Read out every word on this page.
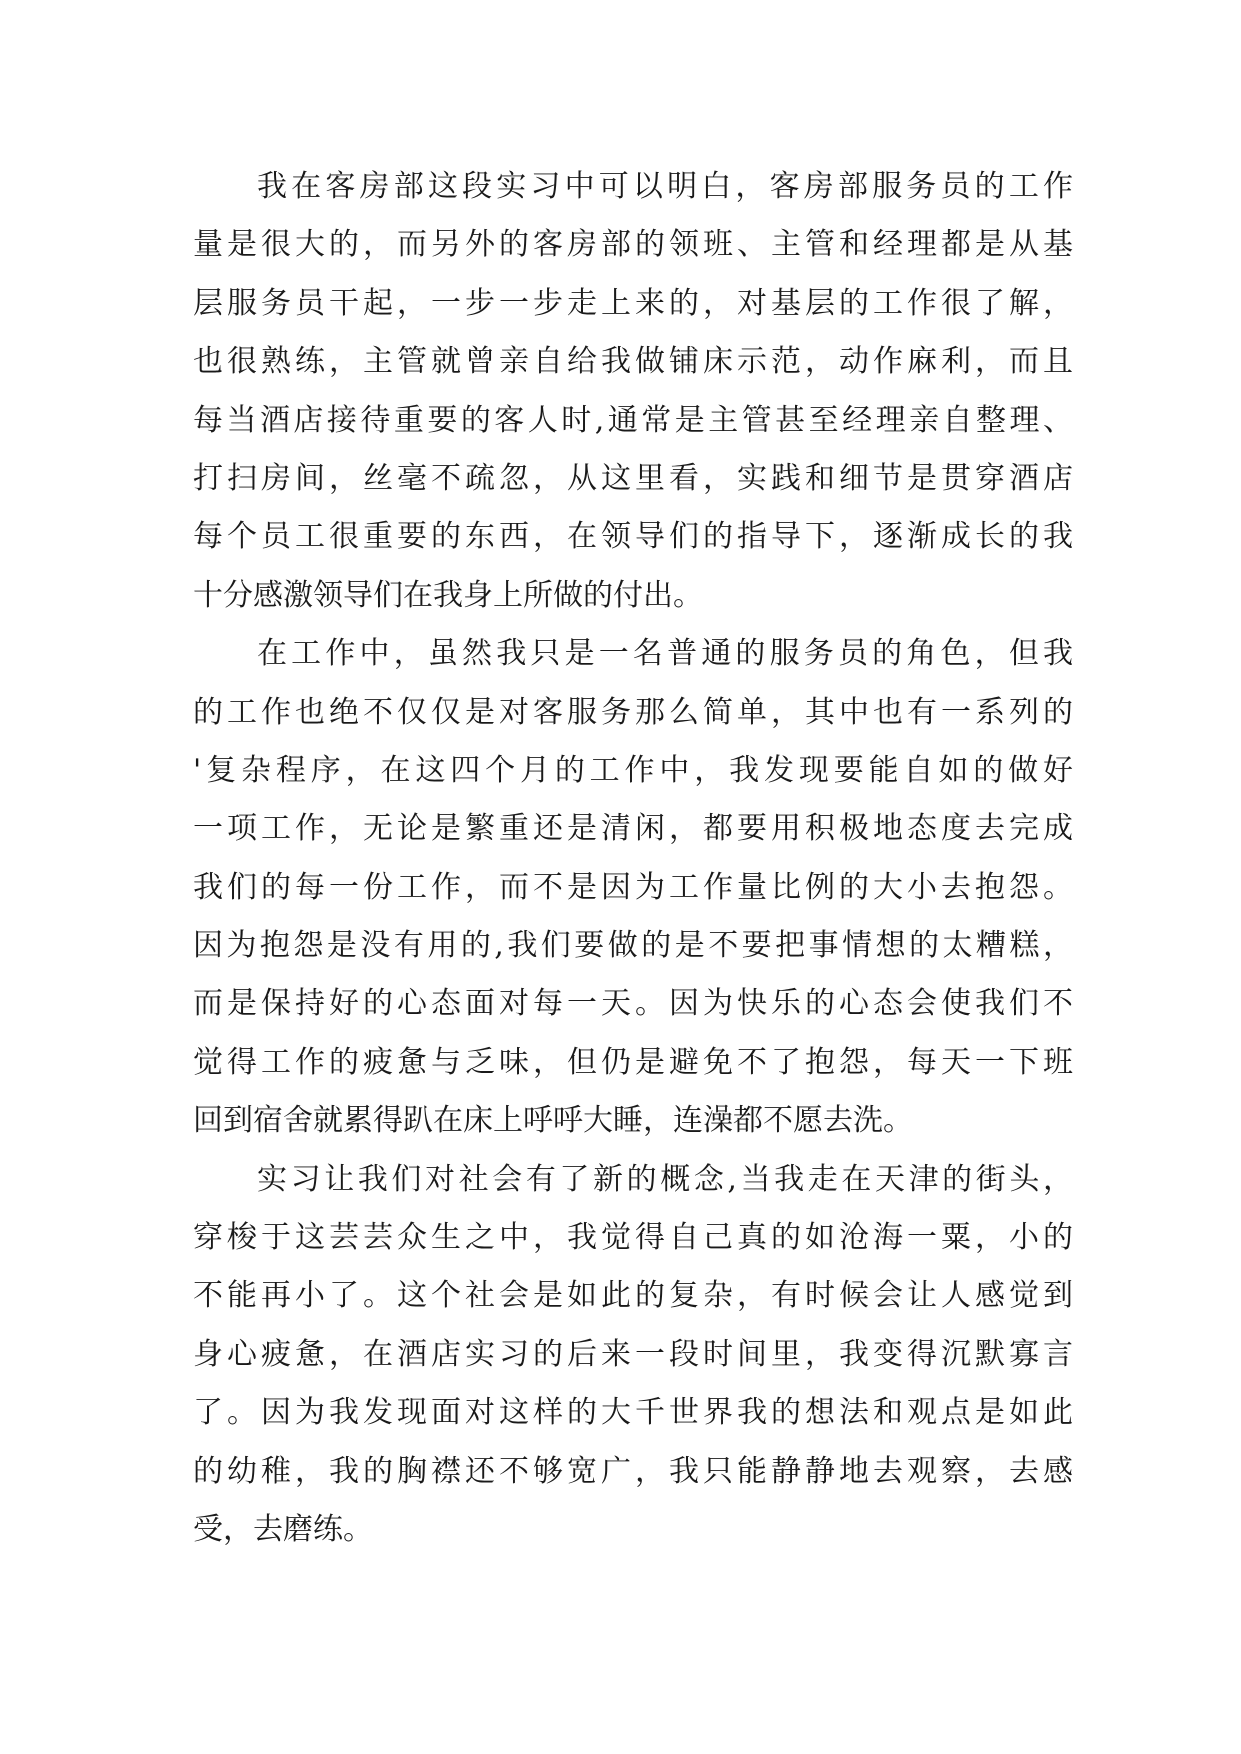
我在客房部这段实习中可以明白，客房部服务员的工作
量是很大的，而另外的客房部的领班、主管和经理都是从基
层服务员干起，一步一步走上来的，对基层的工作很了解，
也很熟练，主管就曾亲自给我做铺床示范，动作麻利，而且
每当酒店接待重要的客人时,通常是主管甚至经理亲自整理、
打扫房间，丝毫不疏忽，从这里看，实践和细节是贯穿酒店
每个员工很重要的东西，在领导们的指导下，逐渐成长的我
十分感激领导们在我身上所做的付出。
在工作中，虽然我只是一名普通的服务员的角色，但我
的工作也绝不仅仅是对客服务那么简单，其中也有一系列的
'复杂程序，在这四个月的工作中，我发现要能自如的做好
一项工作，无论是繁重还是清闲，都要用积极地态度去完成
我们的每一份工作，而不是因为工作量比例的大小去抱怨。
因为抱怨是没有用的,我们要做的是不要把事情想的太糟糕，
而是保持好的心态面对每一天。因为快乐的心态会使我们不
觉得工作的疲惫与乏味，但仍是避免不了抱怨，每天一下班
回到宿舍就累得趴在床上呼呼大睡，连澡都不愿去洗。
实习让我们对社会有了新的概念,当我走在天津的街头，
穿梭于这芸芸众生之中，我觉得自己真的如沧海一粟，小的
不能再小了。这个社会是如此的复杂，有时候会让人感觉到
身心疲惫，在酒店实习的后来一段时间里，我变得沉默寡言
了。因为我发现面对这样的大千世界我的想法和观点是如此
的幼稚，我的胸襟还不够宽广，我只能静静地去观察，去感
受，去磨练。
